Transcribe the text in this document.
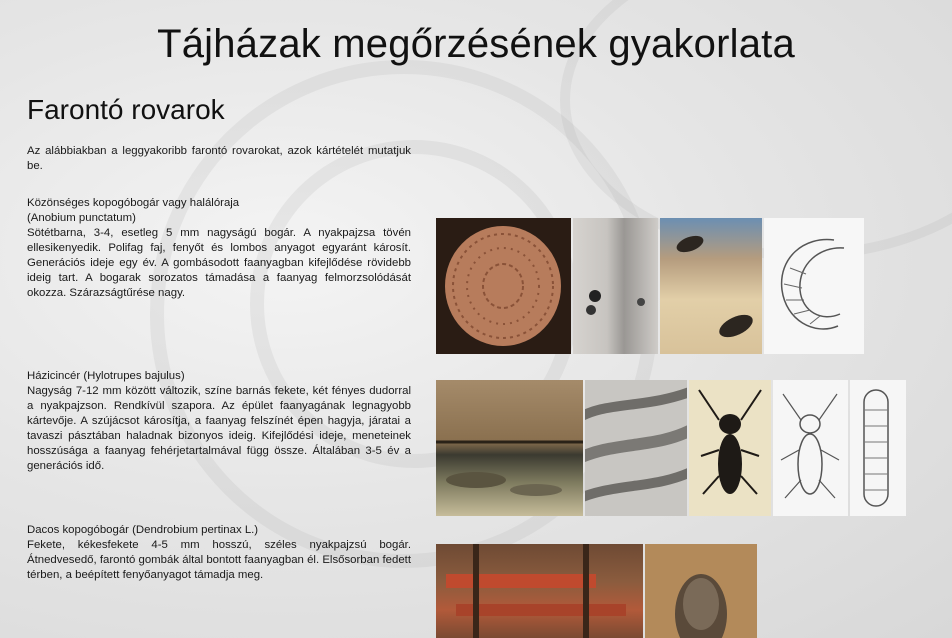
Tájházak megőrzésének gyakorlata
Farontó rovarok

Az alábbiakban a leggyakoribb farontó rovarokat, azok kártételét mutatjuk be.

Közönséges kopogóbogár vagy halálóraja

(Anobium punctatum)

Sötétbarna, 3-4, esetleg 5 mm nagyságú bogár. A nyakpajzsa tövén ellesikenyedik. Polifag faj, fenyőt és lombos anyagot egyaránt károsít. Generációs ideje egy év. A gombásodott faanyagban kifejlődése rövidebb ideig tart. A bogarak sorozatos támadása a faanyag felmorzsolódását okozza. Szárazságtűrése nagy.

Házicincér (Hylotrupes bajulus)

Nagyság 7-12 mm között változik, színe barnás fekete, két fényes dudorral a nyakpajzson. Rendkívül szapora. Az épület faanyagának legnagyobb kártevője. A szújácsot károsítja, a faanyag felszínét épen hagyja, járatai a tavaszi pásztában haladnak bizonyos ideig. Kifejlődési ideje, meneteinek hosszúsága a faanyag fehérjetartalmával függ össze. Általában 3-5 év a generációs idő.

Dacos kopogóbogár (Dendrobium pertinax L.)

Fekete, kékesfekete 4-5 mm hosszú, széles nyakpajzsú bogár. Átnedvesedő, farontó gombák által bontott faanyagban él. Elsősorban fedett térben, a beépített fenyőanyagot támadja meg.
